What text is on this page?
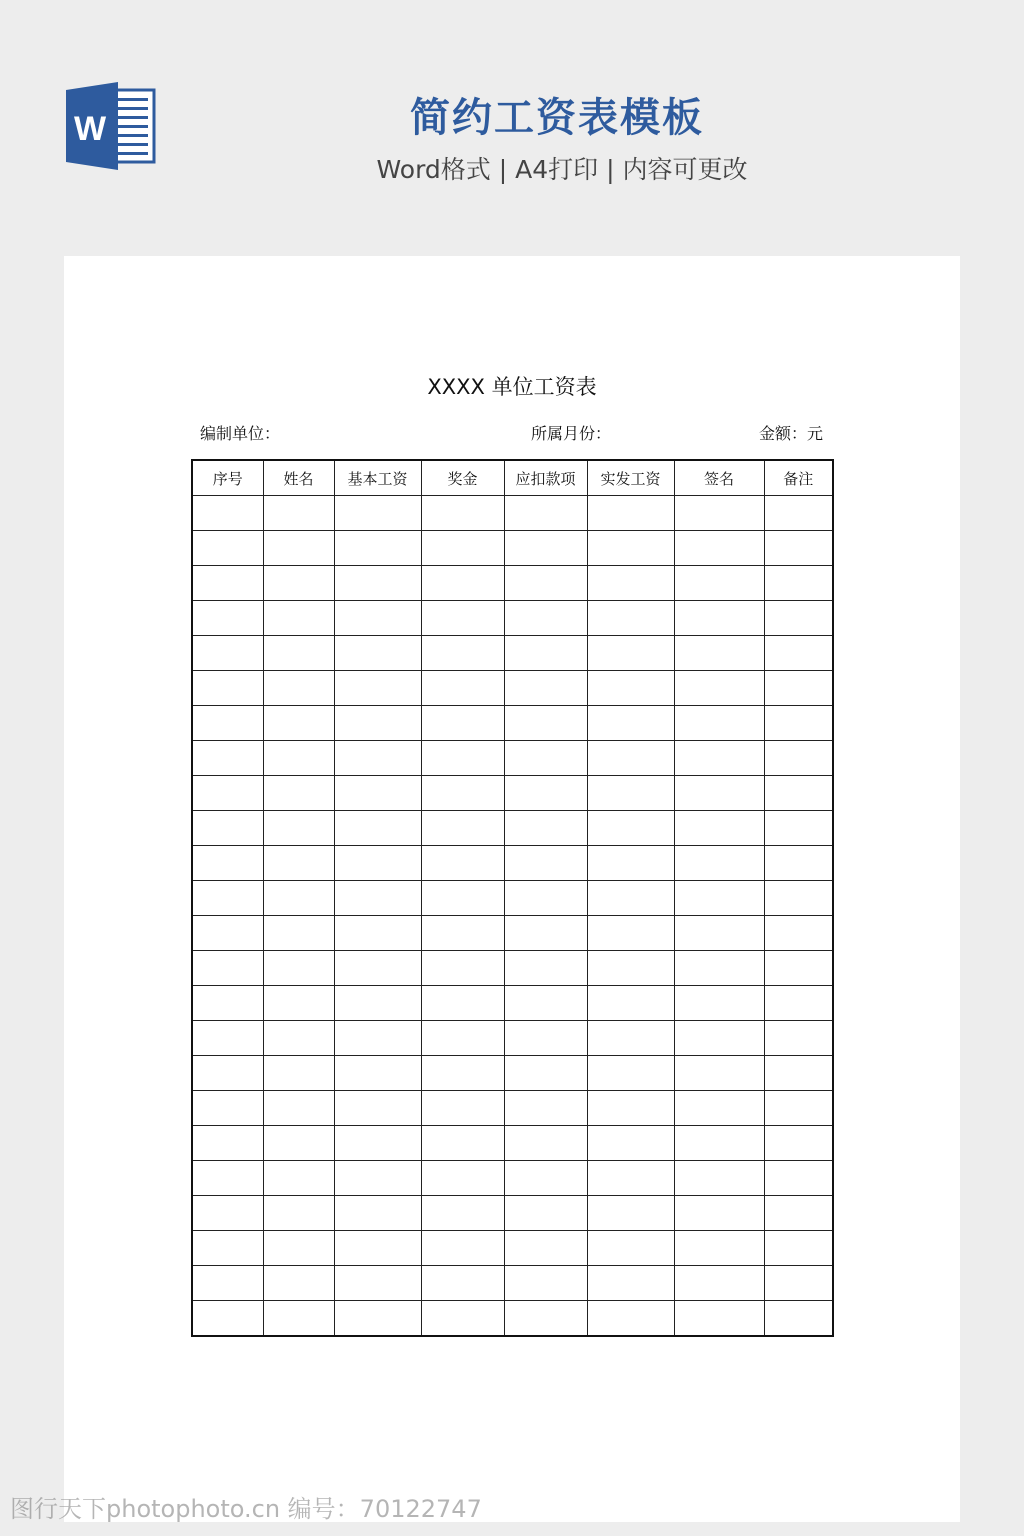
W	简约工资表模板
Word格式 | A4打印 | 内容可更改
XXXX 单位工资表
编制单位：	所属月份：	金额：元
序号	姓名	基本工资	奖金	应扣款项	实发工资	签名	备注

图行天下photophoto.cn 编号：70122747
